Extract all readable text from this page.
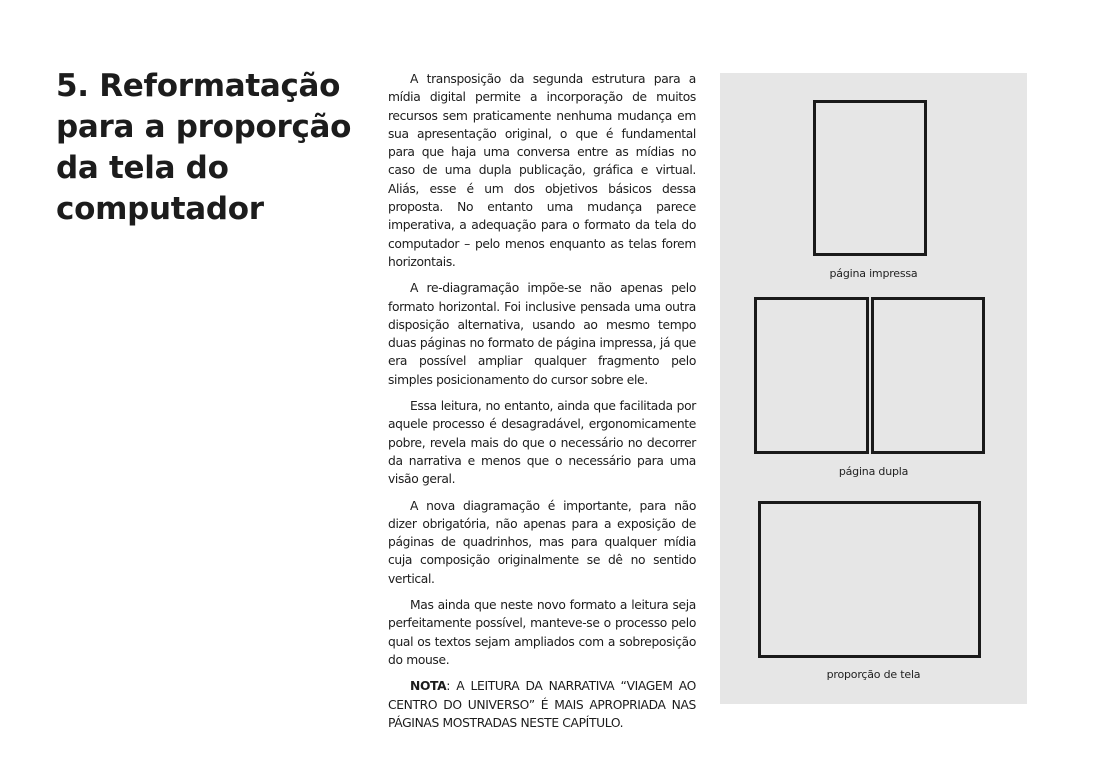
5. Reformatação
para a proporção
da tela do
computador

A transposição da segunda estrutura para a mídia digital permite a incorporação de muitos recursos sem praticamente nenhuma mudança em sua apresentação original, o que é fundamental para que haja uma conversa entre as mídias no caso de uma dupla publicação, gráfica e virtual. Aliás, esse é um dos objetivos básicos dessa proposta. No entanto uma mudança parece imperativa, a adequação para o formato da tela do computador – pelo menos enquanto as telas forem horizontais.

A re-diagramação impõe-se não apenas pelo formato horizontal. Foi inclusive pensada uma outra disposição alternativa, usando ao mesmo tempo duas páginas no formato de página impressa, já que era possível ampliar qualquer fragmento pelo simples posicionamento do cursor sobre ele.

Essa leitura, no entanto, ainda que facilitada por aquele processo é desagradável, ergonomicamente pobre, revela mais do que o necessário no decorrer da narrativa e menos que o necessário para uma visão geral.

A nova diagramação é importante, para não dizer obrigatória, não apenas para a exposição de páginas de quadrinhos, mas para qualquer mídia cuja composição originalmente se dê no sentido vertical.

Mas ainda que neste novo formato a leitura seja perfeitamente possível, manteve-se o processo pelo qual os textos sejam ampliados com a sobreposição do mouse.

NOTA: A LEITURA DA NARRATIVA “VIAGEM AO CENTRO DO UNIVERSO” É MAIS APROPRIADA NAS PÁGINAS MOSTRADAS NESTE CAPÍTULO.

página impressa
página dupla
proporção de tela
